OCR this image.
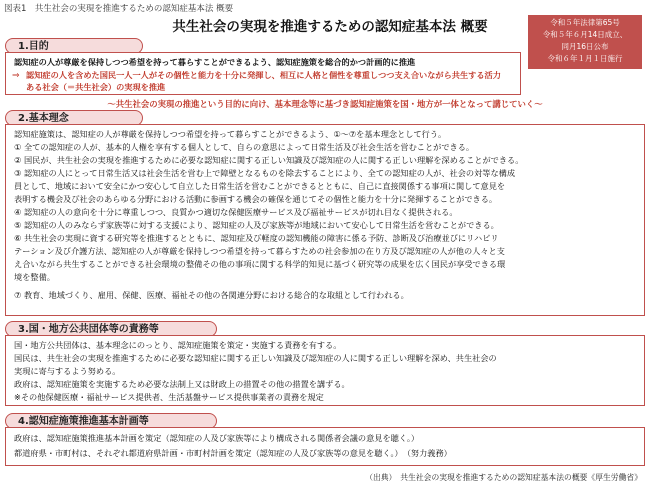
図表1　共生社会の実現を推進するための認知症基本法 概要
共生社会の実現を推進するための認知症基本法 概要	令和５年法律第65号
令和５年６月14日成立、
同月16日公布
令和６年１月１日施行
1.目的
認知症の人が尊厳を保持しつつ希望を持って暮らすことができるよう、認知症施策を総合的かつ計画的に推進
⇒ 認知症の人を含めた国民一人一人がその個性と能力を十分に発揮し、相互に人格と個性を尊重しつつ支え合いながら共生する活力
ある社会（＝共生社会）の実現を推進
～共生社会の実現の推進という目的に向け、基本理念等に基づき認知症施策を国・地方が一体となって講じていく～
2.基本理念
認知症施策は、認知症の人が尊厳を保持しつつ希望を持って暮らすことができるよう、①～⑦を基本理念として行う。
① 全ての認知症の人が、基本的人権を享有する個人として、自らの意思によって日常生活及び社会生活を営むことができる。
② 国民が、共生社会の実現を推進するために必要な認知症に関する正しい知識及び認知症の人に関する正しい理解を深めることができる。
③ 認知症の人にとって日常生活又は社会生活を営む上で障壁となるものを除去することにより、全ての認知症の人が、社会の対等な構成
員として、地域において安全にかつ安心して自立した日常生活を営むことができるとともに、自己に直接関係する事項に関して意見を
表明する機会及び社会のあらゆる分野における活動に参画する機会の確保を通じてその個性と能力を十分に発揮することができる。
④ 認知症の人の意向を十分に尊重しつつ、良質かつ適切な保健医療サービス及び福祉サービスが切れ目なく提供される。
⑤ 認知症の人のみならず家族等に対する支援により、認知症の人及び家族等が地域において安心して日常生活を営むことができる。
⑥ 共生社会の実現に資する研究等を推進するとともに、認知症及び軽度の認知機能の障害に係る予防、診断及び治療並びにリハビリ
テーション及び介護方法、認知症の人が尊厳を保持しつつ希望を持って暮らすための社会参加の在り方及び認知症の人が他の人々と支
え合いながら共生することができる社会環境の整備その他の事項に関する科学的知見に基づく研究等の成果を広く国民が享受できる環
境を整備。
⑦ 教育、地域づくり、雇用、保健、医療、福祉その他の各関連分野における総合的な取組として行われる。
3.国・地方公共団体等の責務等
国・地方公共団体は、基本理念にのっとり、認知症施策を策定・実施する責務を有する。
国民は、共生社会の実現を推進するために必要な認知症に関する正しい知識及び認知症の人に関する正しい理解を深め、共生社会の
実現に寄与するよう努める。
政府は、認知症施策を実施するため必要な法制上又は財政上の措置その他の措置を講ずる。
※その他保健医療・福祉サービス提供者、生活基盤サービス提供事業者の責務を規定
4.認知症施策推進基本計画等
政府は、認知症施策推進基本計画を策定（認知症の人及び家族等により構成される関係者会議の意見を聴く。）
都道府県・市町村は、それぞれ都道府県計画・市町村計画を策定（認知症の人及び家族等の意見を聴く。）　（努力義務）
（出典）　共生社会の実現を推進するための認知症基本法の概要《厚生労働省》
